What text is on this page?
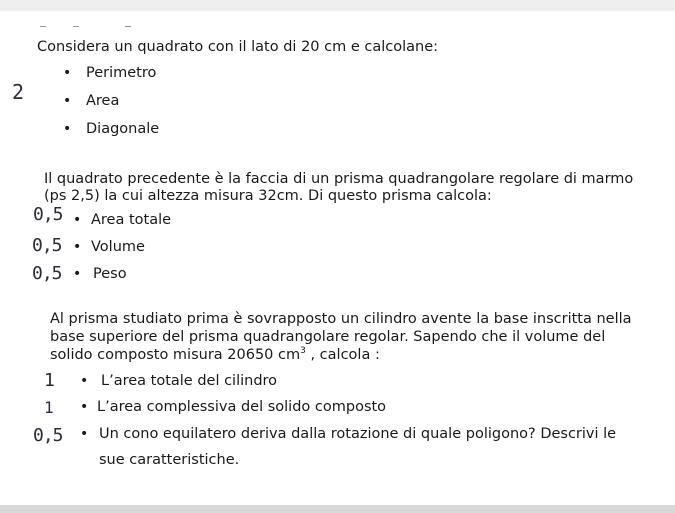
Considera un quadrato con il lato di 20 cm e calcolane:
2
• Perimetro
• Area
• Diagonale
Il quadrato precedente è la faccia di un prisma quadrangolare regolare di marmo
(ps 2,5) la cui altezza misura 32cm. Di questo prisma calcola:
0,5 • Area totale
0,5 • Volume
0,5 • Peso
Al prisma studiato prima è sovrapposto un cilindro avente la base inscritta nella
base superiore del prisma quadrangolare regolar. Sapendo che il volume del
solido composto misura 20650 $cm^3$ , calcola :
1 • L’area totale del cilindro
1 • L’area complessiva del solido composto
0,5 • Un cono equilatero deriva dalla rotazione di quale poligono? Descrivi le
sue caratteristiche.
